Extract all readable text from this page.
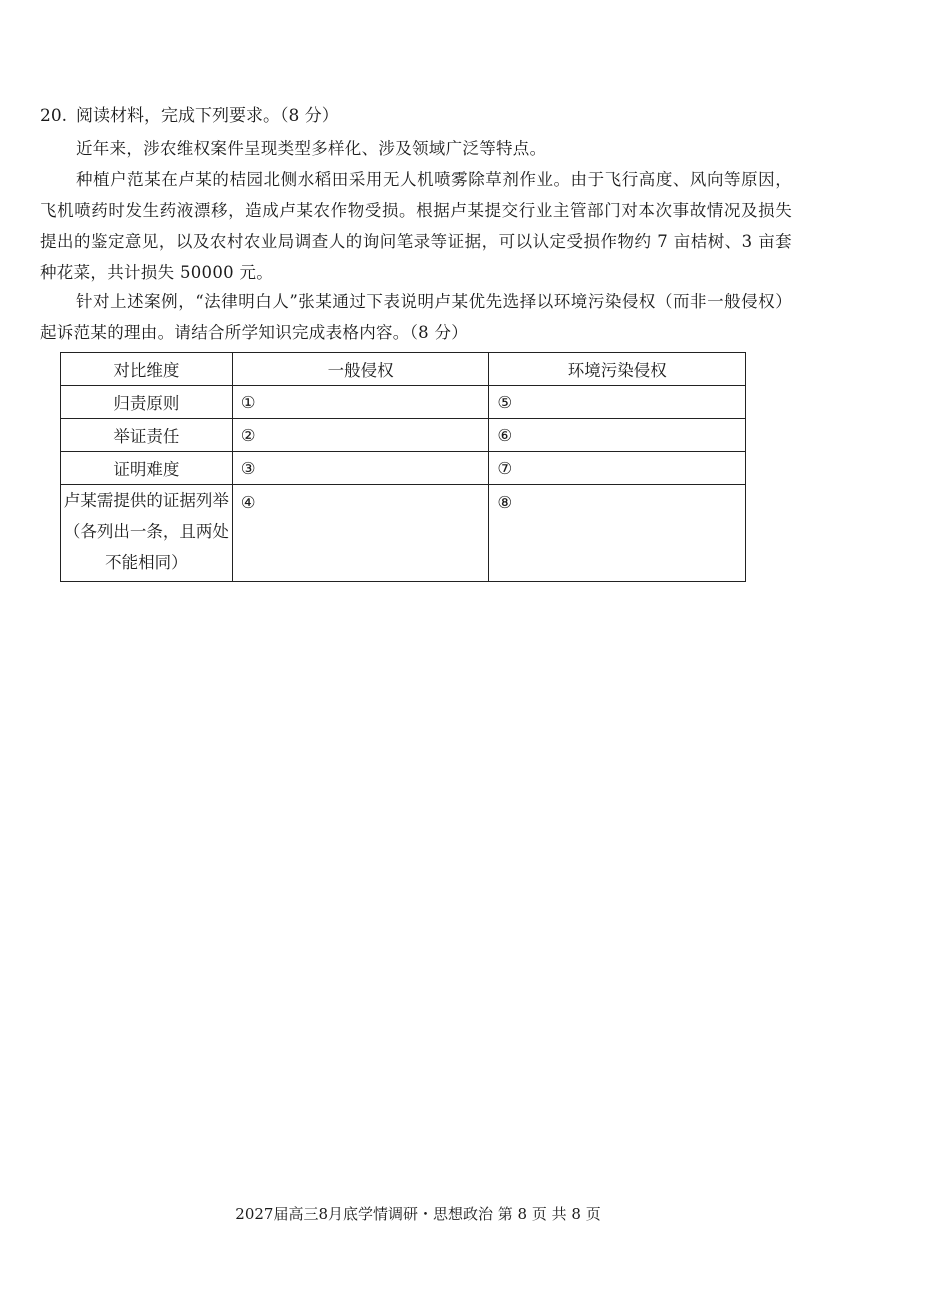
20. 阅读材料，完成下列要求。（8 分）
近年来，涉农维权案件呈现类型多样化、涉及领域广泛等特点。
种植户范某在卢某的桔园北侧水稻田采用无人机喷雾除草剂作业。由于飞行高度、风向等原因，飞机喷药时发生药液漂移，造成卢某农作物受损。根据卢某提交行业主管部门对本次事故情况及损失提出的鉴定意见，以及农村农业局调查人的询问笔录等证据，可以认定受损作物约 7 亩桔树、3 亩套种花菜，共计损失 50000 元。
针对上述案例，“法律明白人”张某通过下表说明卢某优先选择以环境污染侵权（而非一般侵权）起诉范某的理由。请结合所学知识完成表格内容。（8 分）
对比维度	一般侵权	环境污染侵权
归责原则	①	⑤
举证责任	②	⑥
证明难度	③	⑦
卢某需提供的证据列举（各列出一条，且两处不能相同）	④	⑧
2027届高三8月底学情调研・思想政治 第 8 页 共 8 页
